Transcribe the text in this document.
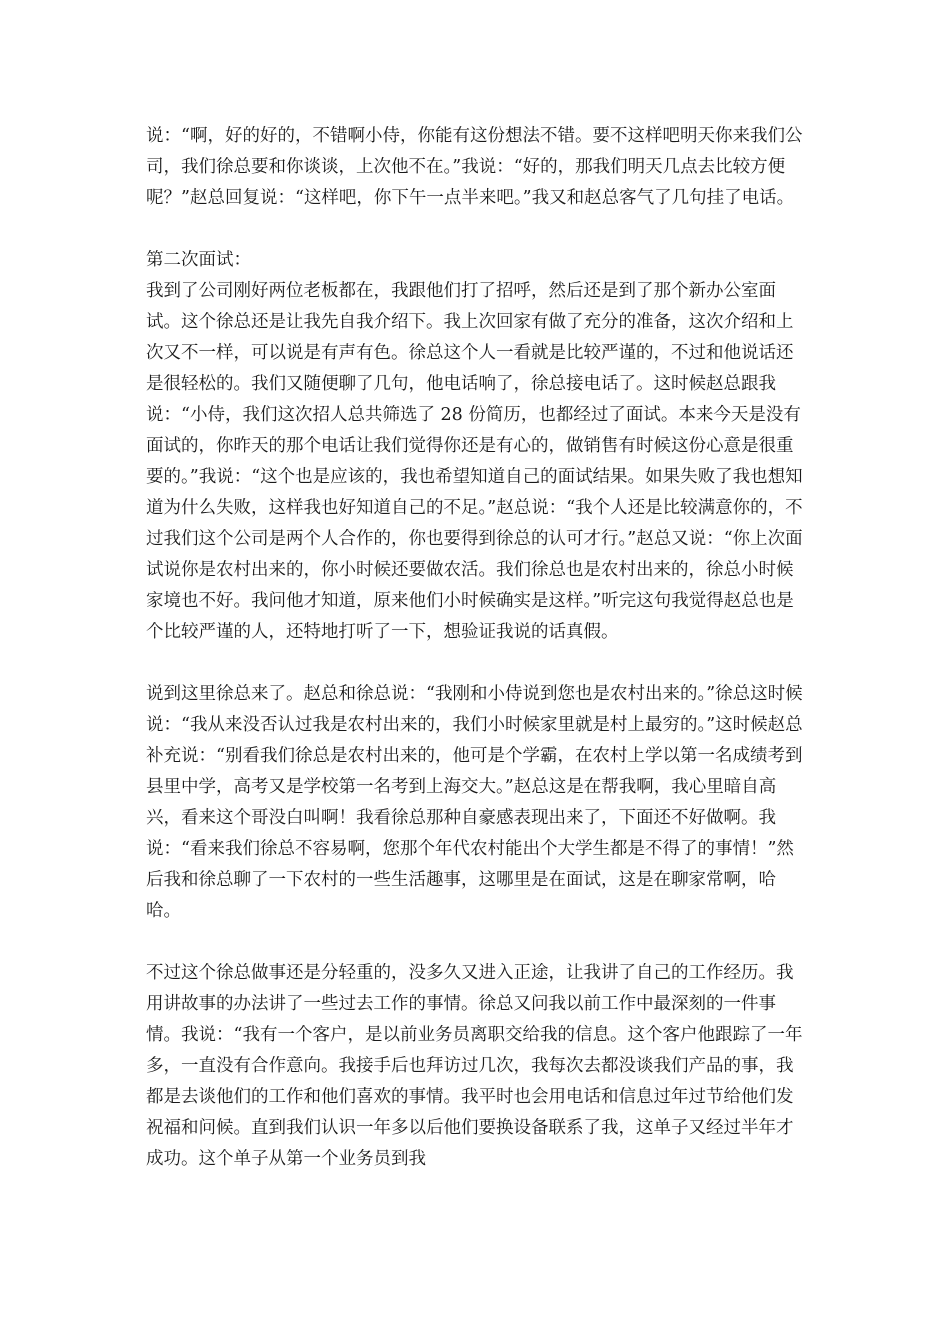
说：“啊，好的好的，不错啊小侍，你能有这份想法不错。要不这样吧明天你来我们公司，我们徐总要和你谈谈，上次他不在。”我说：“好的，那我们明天几点去比较方便呢？”赵总回复说：“这样吧，你下午一点半来吧。”我又和赵总客气了几句挂了电话。

第二次面试：

我到了公司刚好两位老板都在，我跟他们打了招呼，然后还是到了那个新办公室面试。这个徐总还是让我先自我介绍下。我上次回家有做了充分的准备，这次介绍和上次又不一样，可以说是有声有色。徐总这个人一看就是比较严谨的，不过和他说话还是很轻松的。我们又随便聊了几句，他电话响了，徐总接电话了。这时候赵总跟我说：“小侍，我们这次招人总共筛选了 28 份简历，也都经过了面试。本来今天是没有面试的，你昨天的那个电话让我们觉得你还是有心的，做销售有时候这份心意是很重要的。”我说：“这个也是应该的，我也希望知道自己的面试结果。如果失败了我也想知道为什么失败，这样我也好知道自己的不足。”赵总说：“我个人还是比较满意你的，不过我们这个公司是两个人合作的，你也要得到徐总的认可才行。”赵总又说：“你上次面试说你是农村出来的，你小时候还要做农活。我们徐总也是农村出来的，徐总小时候家境也不好。我问他才知道，原来他们小时候确实是这样。”听完这句我觉得赵总也是个比较严谨的人，还特地打听了一下，想验证我说的话真假。

说到这里徐总来了。赵总和徐总说：“我刚和小侍说到您也是农村出来的。”徐总这时候说：“我从来没否认过我是农村出来的，我们小时候家里就是村上最穷的。”这时候赵总补充说：“别看我们徐总是农村出来的，他可是个学霸，在农村上学以第一名成绩考到县里中学，高考又是学校第一名考到上海交大。”赵总这是在帮我啊，我心里暗自高兴，看来这个哥没白叫啊！我看徐总那种自豪感表现出来了，下面还不好做啊。我说：“看来我们徐总不容易啊，您那个年代农村能出个大学生都是不得了的事情！”然后我和徐总聊了一下农村的一些生活趣事，这哪里是在面试，这是在聊家常啊，哈哈。

不过这个徐总做事还是分轻重的，没多久又进入正途，让我讲了自己的工作经历。我用讲故事的办法讲了一些过去工作的事情。徐总又问我以前工作中最深刻的一件事情。我说：“我有一个客户，是以前业务员离职交给我的信息。这个客户他跟踪了一年多，一直没有合作意向。我接手后也拜访过几次，我每次去都没谈我们产品的事，我都是去谈他们的工作和他们喜欢的事情。我平时也会用电话和信息过年过节给他们发祝福和问候。直到我们认识一年多以后他们要换设备联系了我，这单子又经过半年才成功。这个单子从第一个业务员到我
